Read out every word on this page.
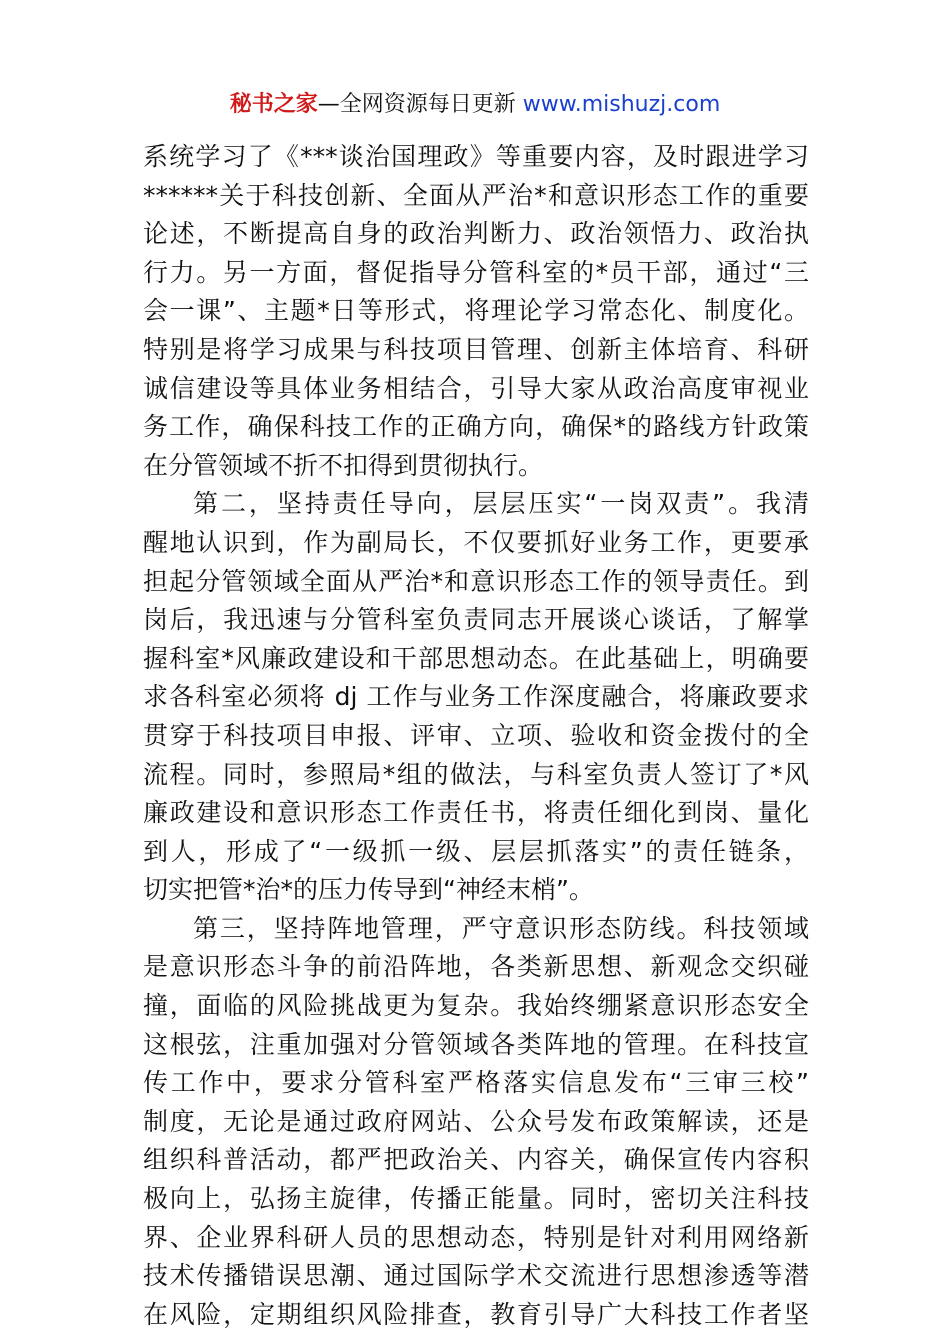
秘书之家—全网资源每日更新 www.mishuzj.com
系统学习了《***谈治国理政》等重要内容，及时跟进学习
******关于科技创新、全面从严治*和意识形态工作的重要
论述，不断提高自身的政治判断力、政治领悟力、政治执
行力。另一方面，督促指导分管科室的*员干部，通过“三
会一课”、主题*日等形式，将理论学习常态化、制度化。
特别是将学习成果与科技项目管理、创新主体培育、科研
诚信建设等具体业务相结合，引导大家从政治高度审视业
务工作，确保科技工作的正确方向，确保*的路线方针政策
在分管领域不折不扣得到贯彻执行。
第二，坚持责任导向，层层压实“一岗双责”。我清
醒地认识到，作为副局长，不仅要抓好业务工作，更要承
担起分管领域全面从严治*和意识形态工作的领导责任。到
岗后，我迅速与分管科室负责同志开展谈心谈话，了解掌
握科室*风廉政建设和干部思想动态。在此基础上，明确要
求各科室必须将 dj 工作与业务工作深度融合，将廉政要求
贯穿于科技项目申报、评审、立项、验收和资金拨付的全
流程。同时，参照局*组的做法，与科室负责人签订了*风
廉政建设和意识形态工作责任书，将责任细化到岗、量化
到人，形成了“一级抓一级、层层抓落实”的责任链条，
切实把管*治*的压力传导到“神经末梢”。
第三，坚持阵地管理，严守意识形态防线。科技领域
是意识形态斗争的前沿阵地，各类新思想、新观念交织碰
撞，面临的风险挑战更为复杂。我始终绷紧意识形态安全
这根弦，注重加强对分管领域各类阵地的管理。在科技宣
传工作中，要求分管科室严格落实信息发布“三审三校”
制度，无论是通过政府网站、公众号发布政策解读，还是
组织科普活动，都严把政治关、内容关，确保宣传内容积
极向上，弘扬主旋律，传播正能量。同时，密切关注科技
界、企业界科研人员的思想动态，特别是针对利用网络新
技术传播错误思潮、通过国际学术交流进行思想渗透等潜
在风险，定期组织风险排查，教育引导广大科技工作者坚
